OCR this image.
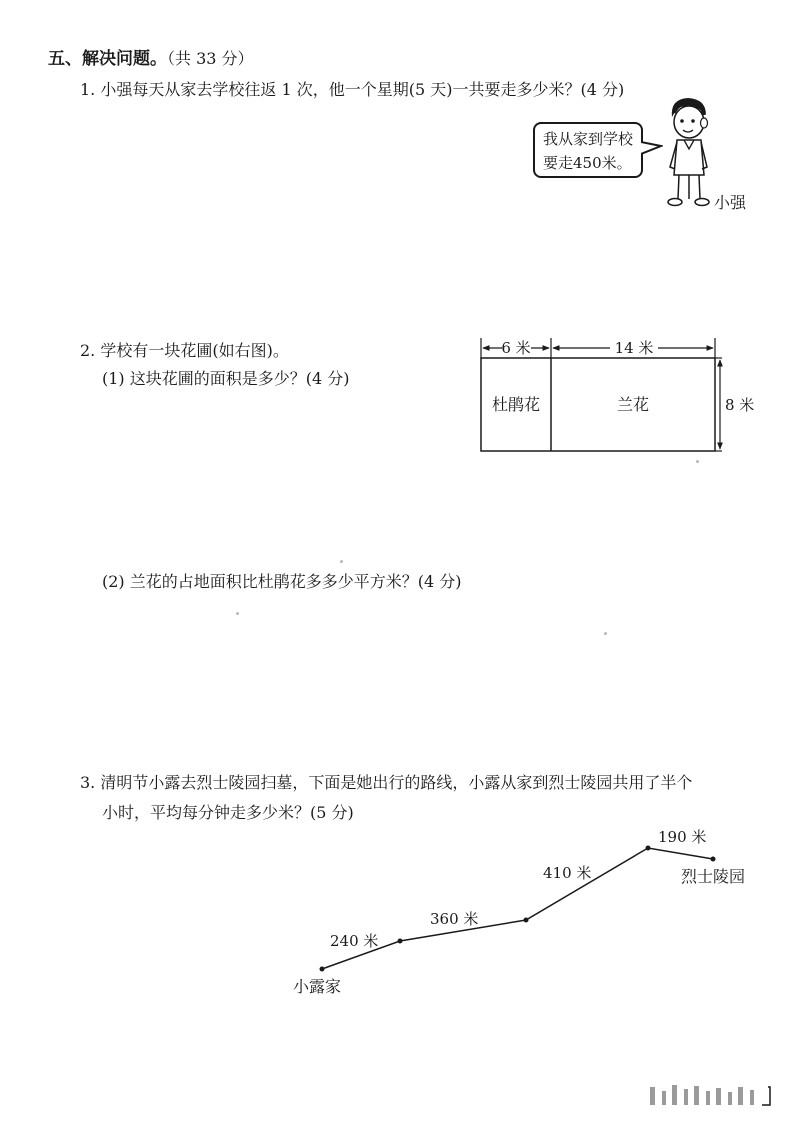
五、解决问题。（共 33 分）
1. 小强每天从家去学校往返 1 次，他一个星期(5 天)一共要走多少米？(4 分)
我从家到学校
要走450米。
小强
2. 学校有一块花圃(如右图)。
(1) 这块花圃的面积是多少？(4 分)
(2) 兰花的占地面积比杜鹃花多多少平方米？(4 分)
6 米	14 米
杜鹃花	兰花	8 米
3. 清明节小露去烈士陵园扫墓，下面是她出行的路线，小露从家到烈士陵园共用了半个
小时，平均每分钟走多少米？(5 分)
240 米
360 米
410 米
190 米
小露家
烈士陵园
